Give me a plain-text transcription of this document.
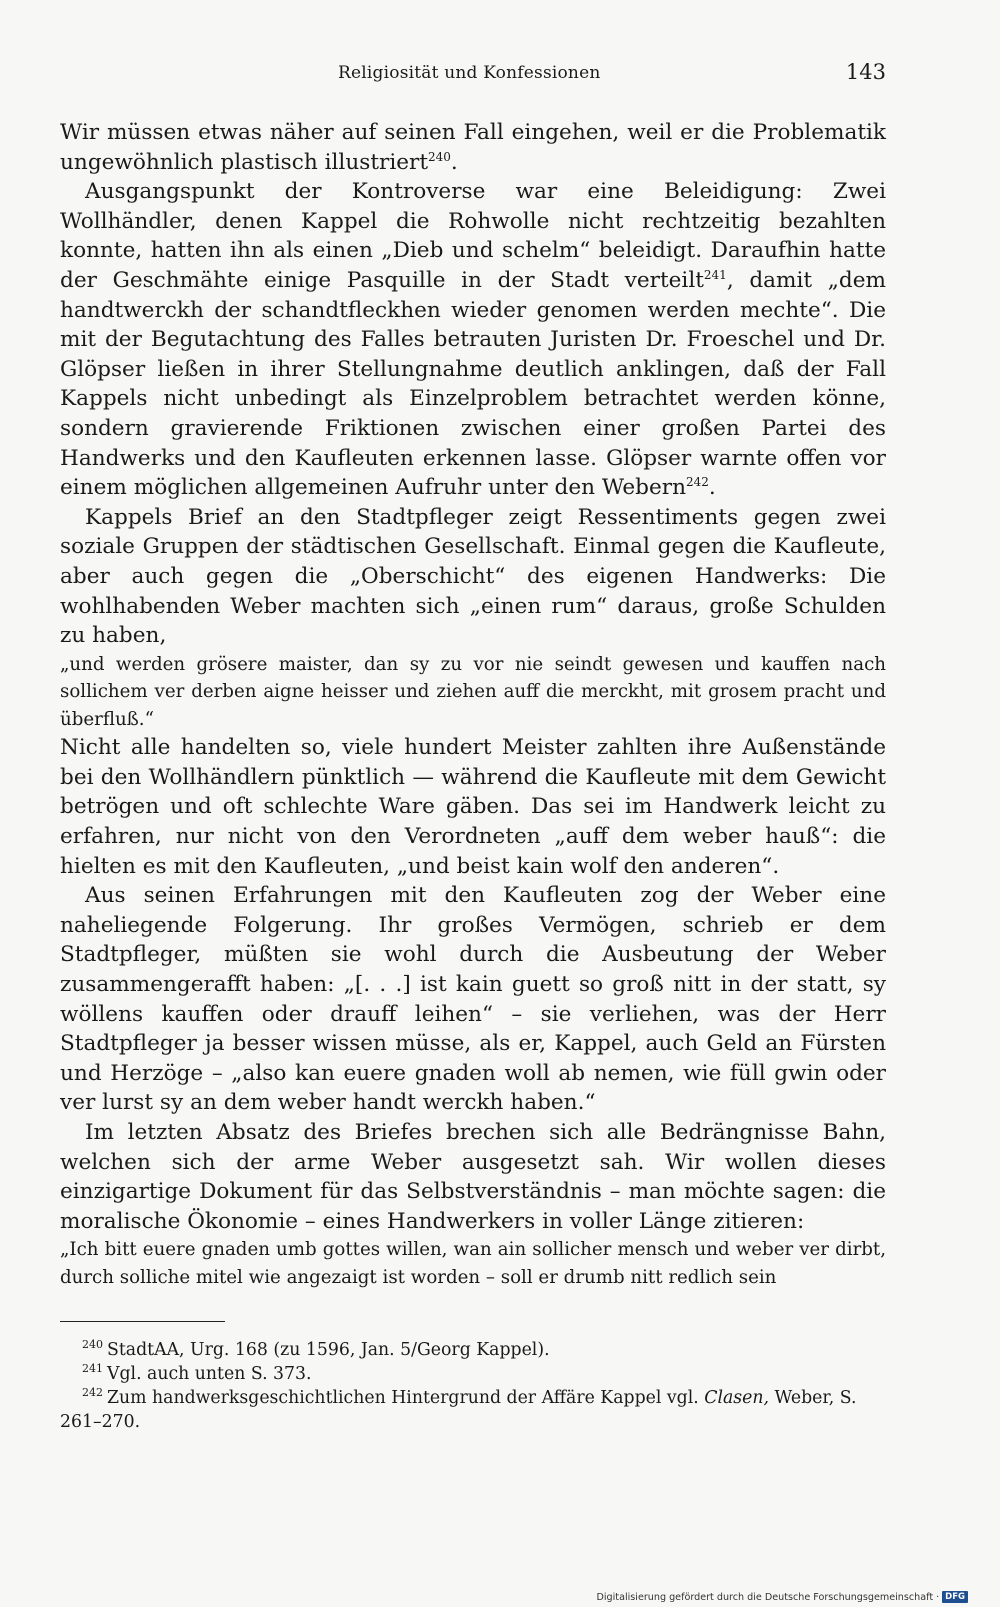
Religiosität und Konfessionen	143

Wir müssen etwas näher auf seinen Fall eingehen, weil er die Problematik ungewöhnlich plastisch illustriert$^{240}$.

Ausgangspunkt der Kontroverse war eine Beleidigung: Zwei Wollhändler, denen Kappel die Rohwolle nicht rechtzeitig bezahlten konnte, hatten ihn als einen „Dieb und schelm“ beleidigt. Daraufhin hatte der Geschmähte einige Pasquille in der Stadt verteilt$^{241}$, damit „dem handtwerckh der schandtfleckhen wieder genomen werden mechte“. Die mit der Begutachtung des Falles betrauten Juristen Dr. Froeschel und Dr. Glöpser ließen in ihrer Stellungnahme deutlich anklingen, daß der Fall Kappels nicht unbedingt als Einzelproblem betrachtet werden könne, sondern gravierende Friktionen zwischen einer großen Partei des Handwerks und den Kaufleuten erkennen lasse. Glöpser warnte offen vor einem möglichen allgemeinen Aufruhr unter den Webern$^{242}$.

Kappels Brief an den Stadtpfleger zeigt Ressentiments gegen zwei soziale Gruppen der städtischen Gesellschaft. Einmal gegen die Kaufleute, aber auch gegen die „Oberschicht“ des eigenen Handwerks: Die wohlhabenden Weber machten sich „einen rum“ daraus, große Schulden zu haben,

„und werden grösere maister, dan sy zu vor nie seindt gewesen und kauffen nach sollichem ver derben aigne heisser und ziehen auff die merckht, mit grosem pracht und überfluß.“

Nicht alle handelten so, viele hundert Meister zahlten ihre Außenstände bei den Wollhändlern pünktlich — während die Kaufleute mit dem Gewicht betrögen und oft schlechte Ware gäben. Das sei im Handwerk leicht zu erfahren, nur nicht von den Verordneten „auff dem weber hauß“: die hielten es mit den Kaufleuten, „und beist kain wolf den anderen“.

Aus seinen Erfahrungen mit den Kaufleuten zog der Weber eine naheliegende Folgerung. Ihr großes Vermögen, schrieb er dem Stadtpfleger, müßten sie wohl durch die Ausbeutung der Weber zusammengerafft haben: „[. . .] ist kain guett so groß nitt in der statt, sy wöllens kauffen oder drauff leihen“ – sie verliehen, was der Herr Stadtpfleger ja besser wissen müsse, als er, Kappel, auch Geld an Fürsten und Herzöge – „also kan euere gnaden woll ab nemen, wie füll gwin oder ver lurst sy an dem weber handt werckh haben.“

Im letzten Absatz des Briefes brechen sich alle Bedrängnisse Bahn, welchen sich der arme Weber ausgesetzt sah. Wir wollen dieses einzigartige Dokument für das Selbstverständnis – man möchte sagen: die moralische Ökonomie – eines Handwerkers in voller Länge zitieren:

„Ich bitt euere gnaden umb gottes willen, wan ain sollicher mensch und weber ver dirbt, durch solliche mitel wie angezaigt ist worden – soll er drumb nitt redlich sein

$^{240}$ StadtAA, Urg. 168 (zu 1596, Jan. 5/Georg Kappel).

$^{241}$ Vgl. auch unten S. 373.

$^{242}$ Zum handwerksgeschichtlichen Hintergrund der Affäre Kappel vgl. Clasen, Weber, S. 261–270.

Digitalisierung gefördert durch die Deutsche Forschungsgemeinschaft · DFG
